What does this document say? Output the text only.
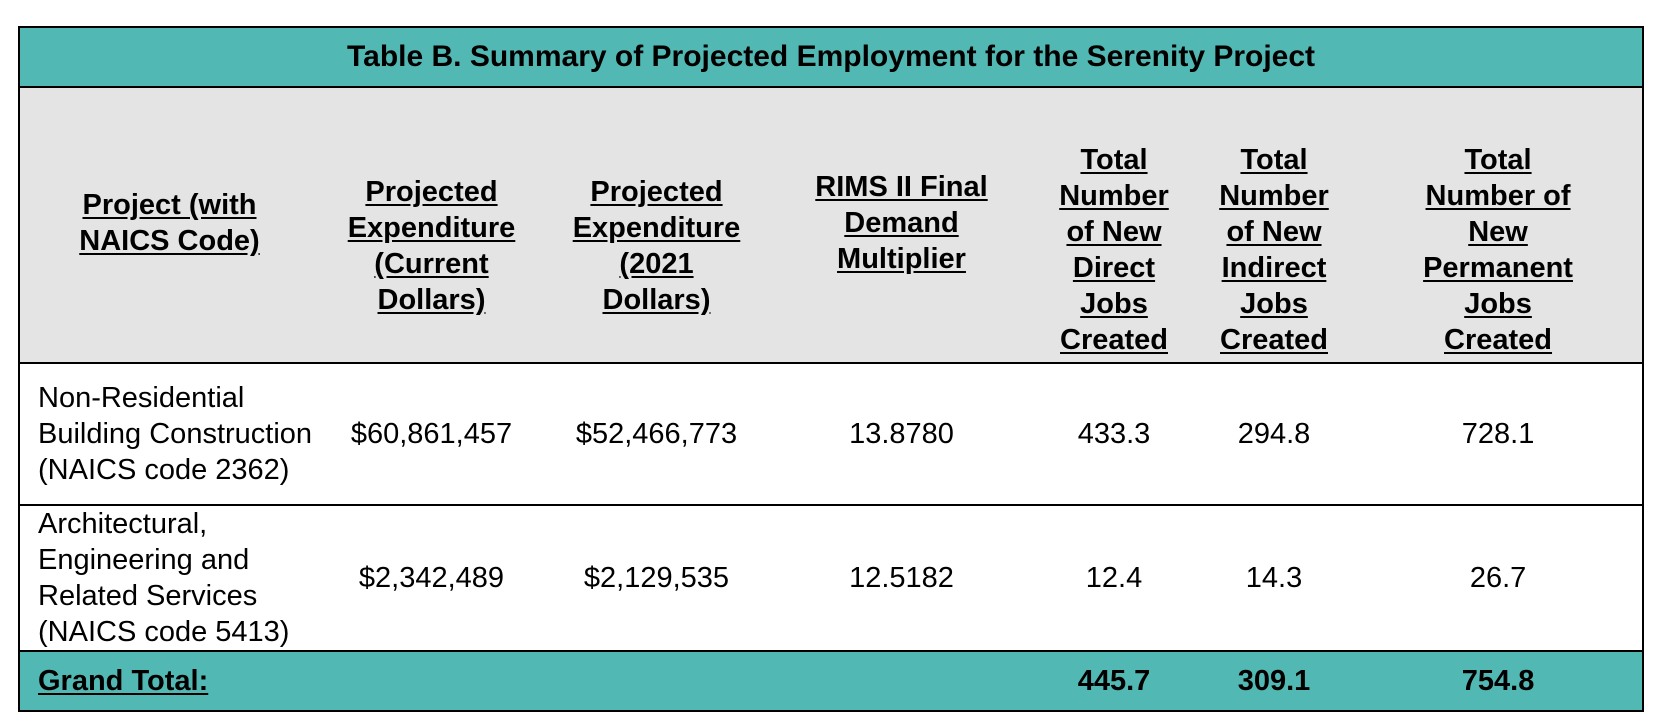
Table B. Summary of Projected Employment for the Serenity Project						
Project (with NAICS Code)	Projected Expenditure (Current Dollars)	Projected Expenditure (2021 Dollars)	RIMS II Final Demand Multiplier	Total Number of New Direct Jobs Created	Total Number of New Indirect Jobs Created	Total Number of New Permanent Jobs Created
Non-Residential Building Construction (NAICS code 2362)	$60,861,457	$52,466,773	13.8780	433.3	294.8	728.1
Architectural, Engineering and Related Services (NAICS code 5413)	$2,342,489	$2,129,535	12.5182	12.4	14.3	26.7
Grand Total:				445.7	309.1	754.8
